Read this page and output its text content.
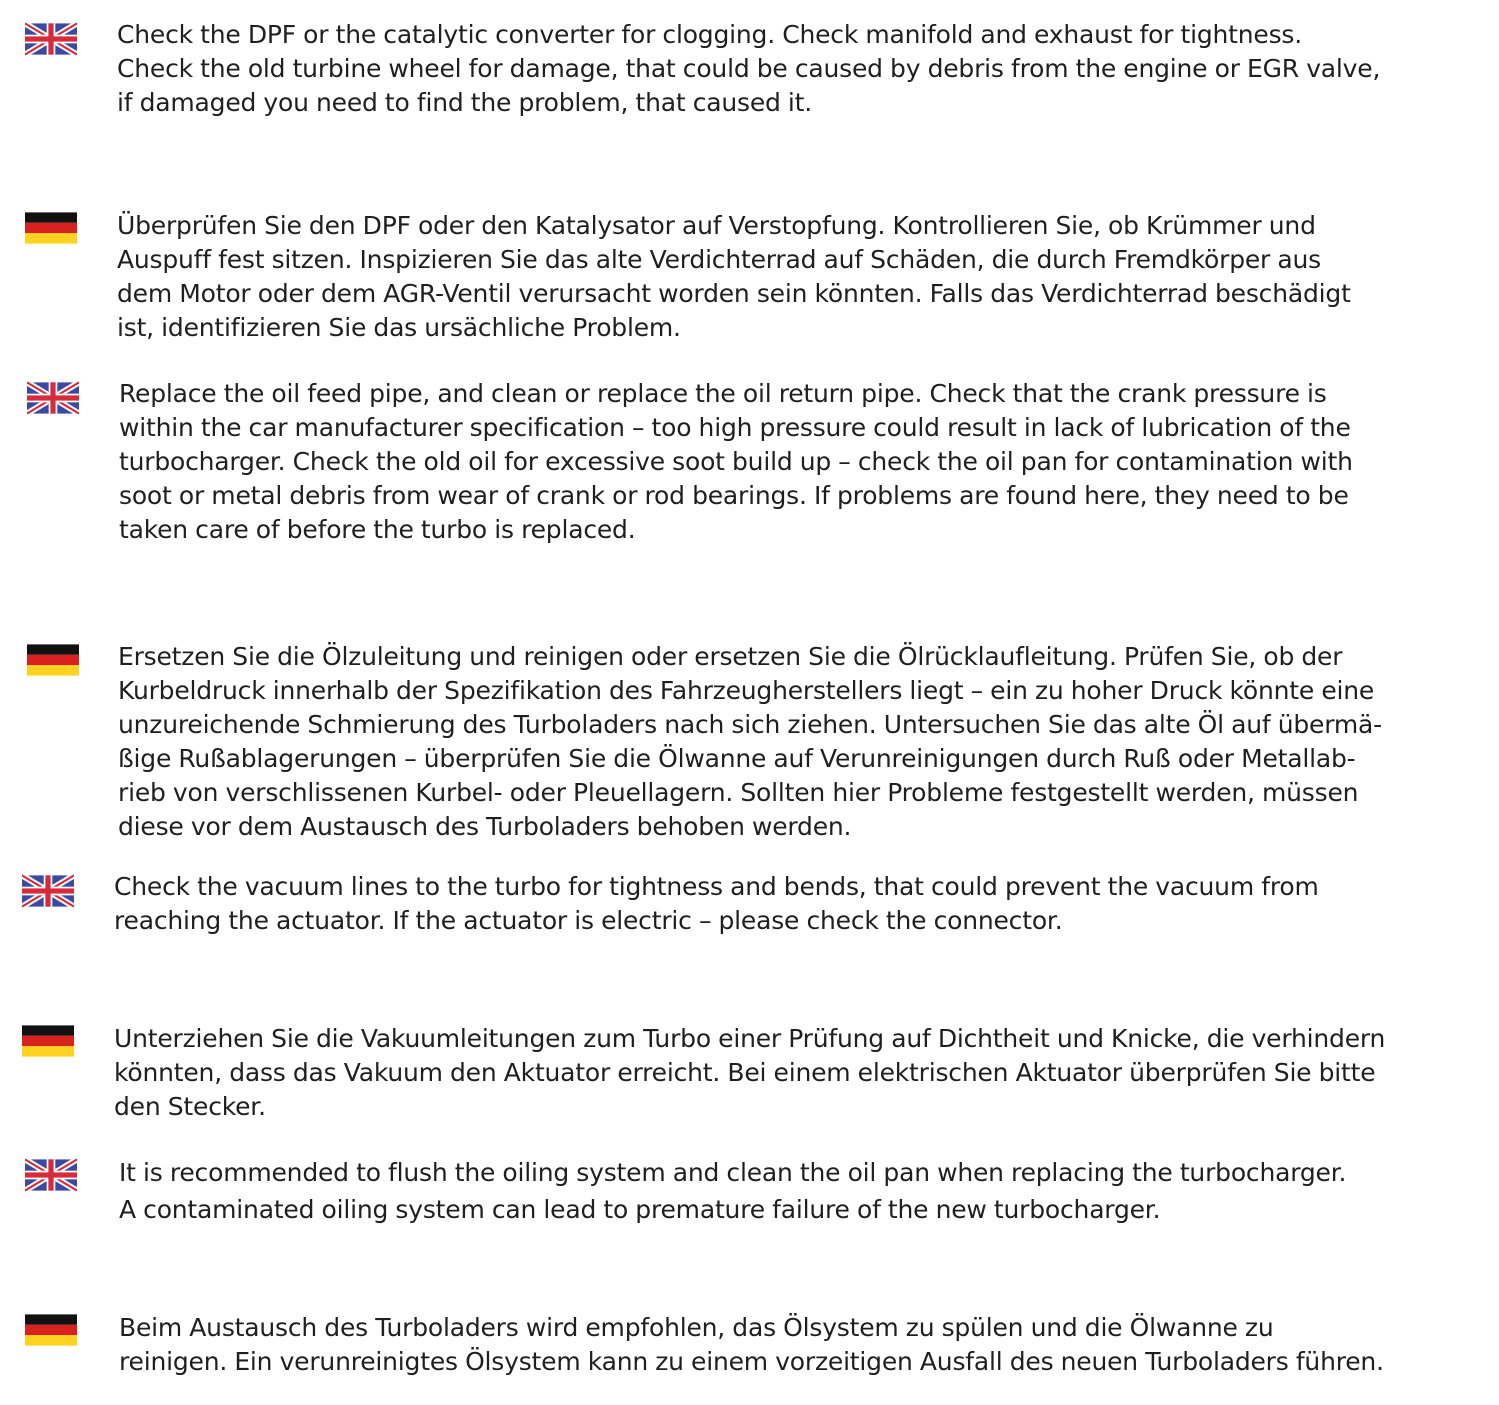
Check the DPF or the catalytic converter for clogging. Check manifold and exhaust for tightness.
Check the old turbine wheel for damage, that could be caused by debris from the engine or EGR valve,
if damaged you need to find the problem, that caused it.
Überprüfen Sie den DPF oder den Katalysator auf Verstopfung. Kontrollieren Sie, ob Krümmer und
Auspuff fest sitzen. Inspizieren Sie das alte Verdichterrad auf Schäden, die durch Fremdkörper aus
dem Motor oder dem AGR-Ventil verursacht worden sein könnten. Falls das Verdichterrad beschädigt
ist, identifizieren Sie das ursächliche Problem.
Replace the oil feed pipe, and clean or replace the oil return pipe. Check that the crank pressure is
within the car manufacturer specification – too high pressure could result in lack of lubrication of the
turbocharger. Check the old oil for excessive soot build up – check the oil pan for contamination with
soot or metal debris from wear of crank or rod bearings. If problems are found here, they need to be
taken care of before the turbo is replaced.
Ersetzen Sie die Ölzuleitung und reinigen oder ersetzen Sie die Ölrücklaufleitung. Prüfen Sie, ob der
Kurbeldruck innerhalb der Spezifikation des Fahrzeugherstellers liegt – ein zu hoher Druck könnte eine
unzureichende Schmierung des Turboladers nach sich ziehen. Untersuchen Sie das alte Öl auf übermä-
ßige Rußablagerungen – überprüfen Sie die Ölwanne auf Verunreinigungen durch Ruß oder Metallab-
rieb von verschlissenen Kurbel- oder Pleuellagern. Sollten hier Probleme festgestellt werden, müssen
diese vor dem Austausch des Turboladers behoben werden.
Check the vacuum lines to the turbo for tightness and bends, that could prevent the vacuum from
reaching the actuator. If the actuator is electric – please check the connector.
Unterziehen Sie die Vakuumleitungen zum Turbo einer Prüfung auf Dichtheit und Knicke, die verhindern
könnten, dass das Vakuum den Aktuator erreicht. Bei einem elektrischen Aktuator überprüfen Sie bitte
den Stecker.
It is recommended to flush the oiling system and clean the oil pan when replacing the turbocharger.
A contaminated oiling system can lead to premature failure of the new turbocharger.
Beim Austausch des Turboladers wird empfohlen, das Ölsystem zu spülen und die Ölwanne zu
reinigen. Ein verunreinigtes Ölsystem kann zu einem vorzeitigen Ausfall des neuen Turboladers führen.
